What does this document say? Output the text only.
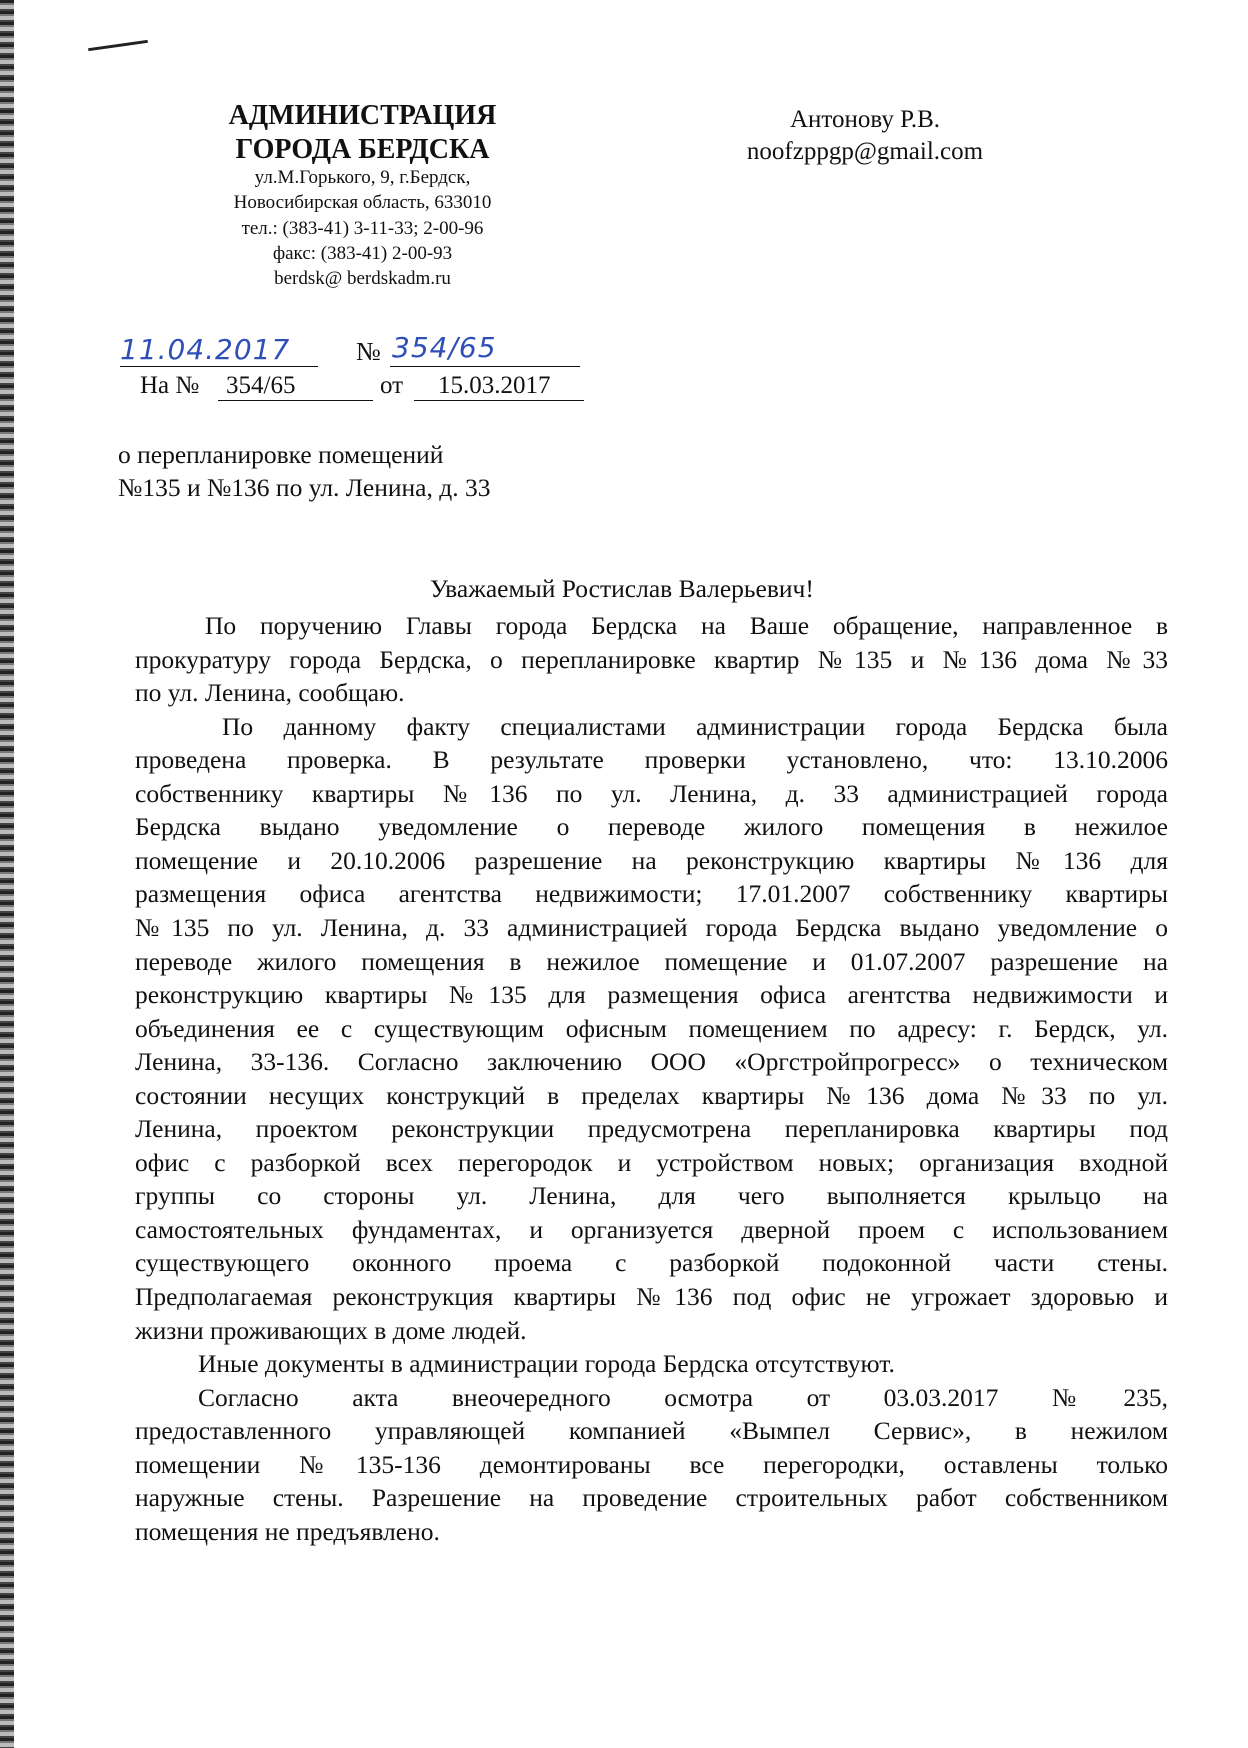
АДМИНИСТРАЦИЯ
ГОРОДА БЕРДСКА
ул.М.Горького, 9, г.Бердск,
Новосибирская область, 633010
тел.: (383-41) 3-11-33; 2-00-96
факс: (383-41) 2-00-93
berdsk@ berdskadm.ru
Антонову Р.В.
noofzppgp@gmail.com
11.04.2017	№ 354/65
На № 354/65	от 15.03.2017
о перепланировке помещений
№135 и №136 по ул. Ленина, д. 33
Уважаемый Ростислав Валерьевич!
По поручению Главы города Бердска на Ваше обращение, направленное в
прокуратуру города Бердска, о перепланировке квартир №135 и №136 дома №33
по ул. Ленина, сообщаю.
По данному факту специалистами администрации города Бердска была
проведена проверка. В результате проверки установлено, что: 13.10.2006
собственнику квартиры №136 по ул. Ленина, д. 33 администрацией города
Бердска выдано уведомление о переводе жилого помещения в нежилое
помещение и 20.10.2006 разрешение на реконструкцию квартиры №136 для
размещения офиса агентства недвижимости; 17.01.2007 собственнику квартиры
№135 по ул. Ленина, д. 33 администрацией города Бердска выдано уведомление о
переводе жилого помещения в нежилое помещение и 01.07.2007 разрешение на
реконструкцию квартиры №135 для размещения офиса агентства недвижимости и
объединения ее с существующим офисным помещением по адресу: г. Бердск, ул.
Ленина, 33-136. Согласно заключению ООО «Оргстройпрогресс» о техническом
состоянии несущих конструкций в пределах квартиры №136 дома №33 по ул.
Ленина, проектом реконструкции предусмотрена перепланировка квартиры под
офис с разборкой всех перегородок и устройством новых; организация входной
группы со стороны ул. Ленина, для чего выполняется крыльцо на
самостоятельных фундаментах, и организуется дверной проем с использованием
существующего оконного проема с разборкой подоконной части стены.
Предполагаемая реконструкция квартиры №136 под офис не угрожает здоровью и
жизни проживающих в доме людей.
Иные документы в администрации города Бердска отсутствуют.
Согласно акта внеочередного осмотра от 03.03.2017 №235,
предоставленного управляющей компанией «Вымпел Сервис», в нежилом
помещении №135-136 демонтированы все перегородки, оставлены только
наружные стены. Разрешение на проведение строительных работ собственником
помещения не предъявлено.
